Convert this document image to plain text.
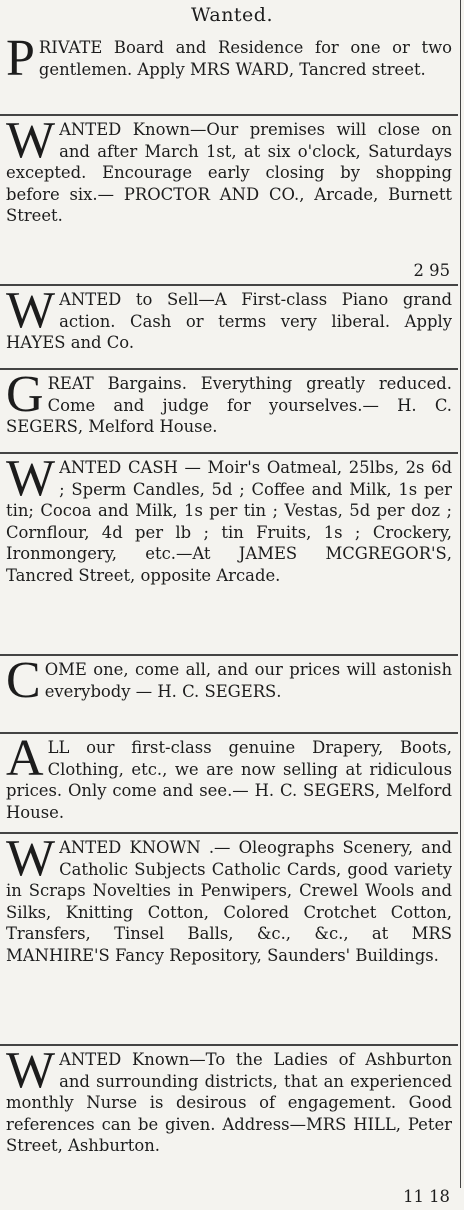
Wanted.

PRIVATE Board and Residence for one or two gentlemen. Apply MRS WARD, Tancred street.

WANTED Known—Our premises will close on and after March 1st, at six o'clock, Saturdays excepted. Encourage early closing by shopping before six.— PROCTOR AND CO., Arcade, Burnett Street.

2 95

WANTED to Sell—A First-class Piano grand action. Cash or terms very liberal. Apply HAYES and Co.

GREAT Bargains. Everything greatly reduced. Come and judge for yourselves.— H. C. SEGERS, Melford House.

WANTED CASH — Moir's Oatmeal, 25lbs, 2s 6d ; Sperm Candles, 5d ; Coffee and Milk, 1s per tin; Cocoa and Milk, 1s per tin ; Vestas, 5d per doz ; Cornflour, 4d per lb ; tin Fruits, 1s ; Crockery, Ironmongery, etc.—At JAMES MCGREGOR'S, Tancred Street, opposite Arcade.

COME one, come all, and our prices will astonish everybody — H. C. SEGERS.

ALL our first-class genuine Drapery, Boots, Clothing, etc., we are now selling at ridiculous prices. Only come and see.— H. C. SEGERS, Melford House.

WANTED KNOWN .— Oleographs Scenery, and Catholic Subjects Catholic Cards, good variety in Scraps Novelties in Penwipers, Crewel Wools and Silks, Knitting Cotton, Colored Crotchet Cotton, Transfers, Tinsel Balls, &c., &c., at MRS MANHIRE'S Fancy Repository, Saunders' Buildings.

WANTED Known—To the Ladies of Ashburton and surrounding districts, that an experienced monthly Nurse is desirous of engagement. Good references can be given. Address—MRS HILL, Peter Street, Ashburton.

11 18
